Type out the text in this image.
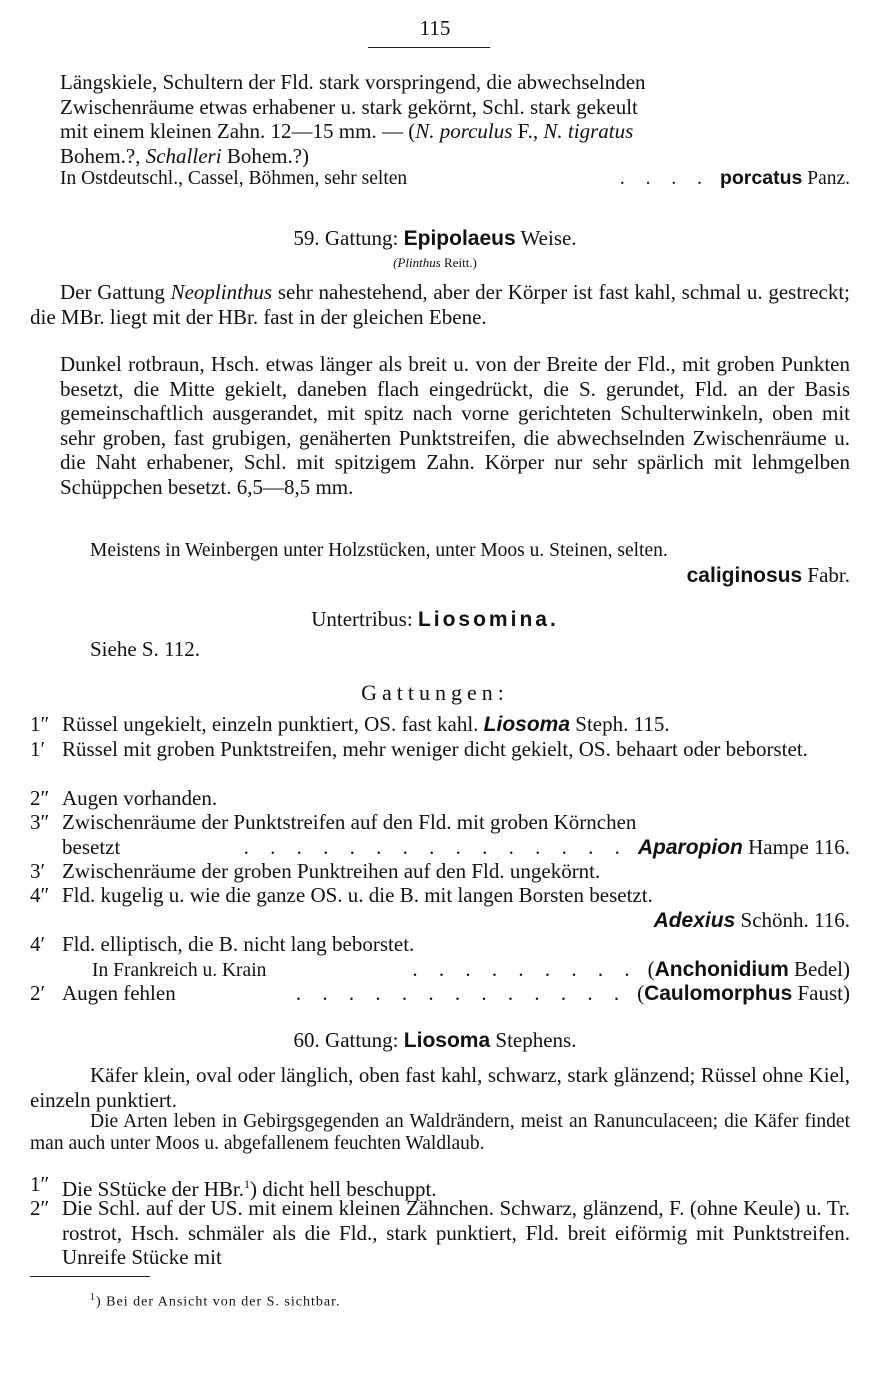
115
Längskiele, Schultern der Fld. stark vorspringend, die abwechselnden
Zwischenräume etwas erhabener u. stark gekörnt, Schl. stark gekeult
mit einem kleinen Zahn. 12—15 mm. — (N. porculus F., N. tigratus
Bohem.?, Schalleri Bohem.?)
In Ostdeutschl., Cassel, Böhmen, sehr selten	. . . . porcatus Panz.
59. Gattung: Epipolaeus Weise.
(Plinthus Reitt.)
Der Gattung Neoplinthus sehr nahestehend, aber der Körper ist fast kahl, schmal u. gestreckt; die MBr. liegt mit der HBr. fast in der gleichen Ebene.
Dunkel rotbraun, Hsch. etwas länger als breit u. von der Breite der Fld., mit groben Punkten besetzt, die Mitte gekielt, daneben flach eingedrückt, die S. gerundet, Fld. an der Basis gemeinschaftlich ausgerandet, mit spitz nach vorne gerichteten Schulterwinkeln, oben mit sehr groben, fast grubigen, genäherten Punktstreifen, die abwechselnden Zwischenräume u. die Naht erhabener, Schl. mit spitzigem Zahn. Körper nur sehr spärlich mit lehmgelben Schüppchen besetzt. 6,5—8,5 mm.
Meistens in Weinbergen unter Holzstücken, unter Moos u. Steinen, selten.
caliginosus Fabr.
Untertribus: Liosomina.
Siehe S. 112.
Gattungen:
1″ Rüssel ungekielt, einzeln punktiert, OS. fast kahl. Liosoma Steph. 115.
1′ Rüssel mit groben Punktstreifen, mehr weniger dicht gekielt, OS. behaart oder beborstet.
2″ Augen vorhanden.
3″ Zwischenräume der Punktstreifen auf den Fld. mit groben Körnchen
besetzt	. . . . . . . . . . . . . . . Aparopion Hampe 116.
3′ Zwischenräume der groben Punktreihen auf den Fld. ungekörnt.
4″ Fld. kugelig u. wie die ganze OS. u. die B. mit langen Borsten besetzt.
Adexius Schönh. 116.
4′ Fld. elliptisch, die B. nicht lang beborstet.
In Frankreich u. Krain	. . . . . . . . . (Anchonidium Bedel)
2′ Augen fehlen	. . . . . . . . . . . . . (Caulomorphus Faust)
60. Gattung: Liosoma Stephens.
Käfer klein, oval oder länglich, oben fast kahl, schwarz, stark glänzend; Rüssel ohne Kiel, einzeln punktiert.
Die Arten leben in Gebirgsgegenden an Waldrändern, meist an Ranunculaceen; die Käfer findet man auch unter Moos u. abgefallenem feuchten Waldlaub.
1″ Die SStücke der HBr.$^1$) dicht hell beschuppt.
2″ Die Schl. auf der US. mit einem kleinen Zähnchen. Schwarz, glänzend, F. (ohne Keule) u. Tr. rostrot, Hsch. schmäler als die Fld., stark punktiert, Fld. breit eiförmig mit Punktstreifen. Unreife Stücke mit
$^1$) Bei der Ansicht von der S. sichtbar.
